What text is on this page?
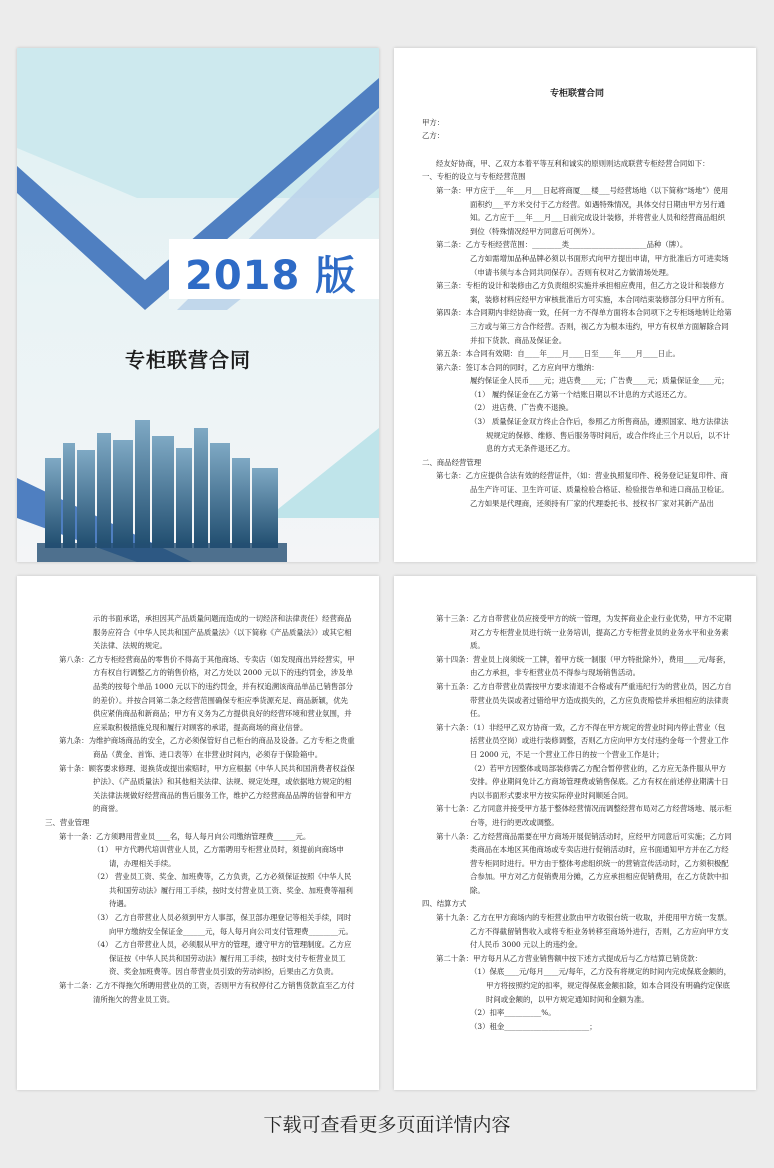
2018 版
专柜联营合同

专柜联营合同

甲方：

乙方：

经友好协商，甲、乙双方本着平等互利和诚实的原则则达成联营专柜经营合同如下：

一、专柜的设立与专柜经营范围

第一条：甲方应于___年___月___日起将商厦___楼___号经营场地（以下简称“场地”）使用面积约___平方米交付于乙方经营。如遇特殊情况，具体交付日期由甲方另行通知。乙方应于___年___月___日前完成设计装修，并将营业人员和经营商品组织到位（特殊情况经甲方同意后可例外）。

第二条：乙方专柜经营范围：________类_____________________品种（牌）。

乙方如需增加品种品牌必须以书面形式向甲方提出申请，甲方批准后方可进卖场（申请书须与本合同共同保存）。否则有权对乙方做清场处理。

第三条：专柜的设计和装修由乙方负责组织实施并承担相应费用，但乙方之设计和装修方案，装修材料应经甲方审核批准后方可实施，本合同结束装修部分归甲方所有。

第四条：本合同期内非经协商一致，任何一方不得单方面将本合同项下之专柜场地转让给第三方或与第三方合作经营。否则，视乙方为根本违约，甲方有权单方面解除合同并扣下货款、商品及保证金。

第五条：本合同有效期：自____年____月____日至____年____月____日止。

第六条：签订本合同的同时，乙方应向甲方缴纳：

履约保证金人民币____元；进店费____元；广告费____元；质量保证金____元；

（1） 履约保证金在乙方第一个结账日期以不计息的方式返还乙方。

（2） 进店费、广告费不退换。

（3） 质量保证金双方终止合作后，参照乙方所售商品，遵照国家、地方法律法规规定的保修、维修、售后服务等时间后，或合作终止三个月以后，以不计息的方式无条件退还乙方。

二、商品经营管理

第七条：乙方应提供合法有效的经营证件，（如：营业执照复印件、税务登记证复印件、商品生产许可证、卫生许可证、质量检验合格证、检验报告单和进口商品卫检证。乙方如果是代理商，还须持有厂家的代理委托书、授权书厂家对其新产品出

示的书面承诺，承担因其产品质量问题而造成的一切经济和法律责任）经营商品服务应符合《中华人民共和国产品质量法》（以下简称《产品质量法》）或其它相关法律、法规的规定。

第八条：乙方专柜经营商品的零售价不得高于其他商场、专卖店（如发现商出异经营实，甲方有权自行调整乙方的销售价格，对乙方处以 2000 元以下的违约罚金，涉及单品类的按每个单品 1000 元以下的违约罚金，并有权追溯该商品单品已销售部分的差价）。并按合同第二条之经营范围确保专柜应季货源充足、商品新颖，优先供应紧俏商品和新商品；甲方有义务为乙方提供良好的经营环境和营业氛围，并应采取积极措施兑现和履行对顾客的承诺，提高商场的商业信誉。

第九条：为维护商场商品的安全，乙方必须保管好自己柜台的商品及设备。乙方专柜之贵重商品（黄金、首饰、进口表等）在非营业时间内，必须存于保险箱中。

第十条：顾客要求修理、退换货或提出索赔时，甲方应根据《中华人民共和国消费者权益保护法》、《产品质量法》和其他相关法律、法规、规定处理，或依据地方规定的相关法律法规做好经营商品的售后服务工作，维护乙方经营商品品牌的信誉和甲方的商誉。

三、营业管理

第十一条：乙方须聘用营业员____名，每人每月向公司缴纳管理费______元。

（1） 甲方代聘代培训营业人员，乙方需聘用专柜营业员时，须提前向商场申请，办理相关手续。

（2） 营业员工资、奖金、加班费等，乙方负责，乙方必须保证按照《中华人民共和国劳动法》履行用工手续，按时支付营业员工资、奖金、加班费等福利待遇。

（3） 乙方自带营业人员必须到甲方人事部，保卫部办理登记等相关手续，同时向甲方缴纳安全保证金______元，每人每月向公司支付管理费________元。

（4） 乙方自带营业人员，必须服从甲方的管理，遵守甲方的管理制度。乙方应保证按《中华人民共和国劳动法》履行用工手续，按时支付专柜营业员工资、奖金加班费等。因自带营业员引致的劳动纠纷，后果由乙方负责。

第十二条：乙方不得拖欠所聘用营业员的工资，否则甲方有权停付乙方销售货款直至乙方付清所拖欠的营业员工资。

第十三条：乙方自带营业员应接受甲方的统一管理，为发挥商业企业行业优势，甲方不定期对乙方专柜营业员进行统一业务培训，提高乙方专柜营业员的业务水平和业务素质。

第十四条：营业员上岗须统一工牌，着甲方统一制服（甲方特批除外），费用____元/每套，由乙方承担，非专柜营业员不得参与现场销售活动。

第十五条：乙方自带营业员需按甲方要求清退不合格或有严重违纪行为的营业员，因乙方自带营业员失误或者过错给甲方造成损失的，乙方应负责赔偿并承担相应的法律责任。

第十六条：（1）非经甲乙双方协商一致，乙方不得在甲方规定的营业时间内停止营业（包括营业员空岗）或进行装修调整，否则乙方应向甲方支付违约金每一个营业工作日 2000 元，不足一个营业工作日的按一个营业工作是计；

（2）若甲方因整体或局部装修需乙方配合暂停营业的，乙方应无条件服从甲方安排。停业期间免计乙方商场管理费或销售保底。乙方有权在前述停业期满十日内以书面形式要求甲方按实际停业时间顺延合同。

第十七条：乙方同意并接受甲方基于整体经营情况而调整经营布局对乙方经营场地、展示柜台等，进行的更改或调整。

第十八条：乙方经营商品需要在甲方商场开展促销活动时，应经甲方同意后可实施；乙方同类商品在本地区其他商场或专卖店进行促销活动时，应书面通知甲方并在乙方经营专柜同时进行。甲方由于整体考虑组织统一的营销宣传活动时，乙方须积极配合参加。甲方对乙方促销费用分摊，乙方应承担相应促销费用，在乙方货款中扣除。

四、结算方式

第十九条：乙方在甲方商场内的专柜营业款由甲方收银台统一收取，并使用甲方统一发票。乙方不得截留销售收入或将专柜业务转移至商场外进行，否则，乙方应向甲方支付人民币 3000 元以上的违约金。

第二十条：甲方每月从乙方营业销售额中按下述方式提成后与乙方结算已销货款：

（1）保底____元/每月____元/每年，乙方没有将规定的时间内完成保底金额的，甲方将按照约定的扣率，规定得保底金额扣除，如本合同没有明确约定保底时间或金额的，以甲方规定通知时间和金额为准。

（2）扣率__________%。

（3）租金_______________________；

下载可查看更多页面详情内容
